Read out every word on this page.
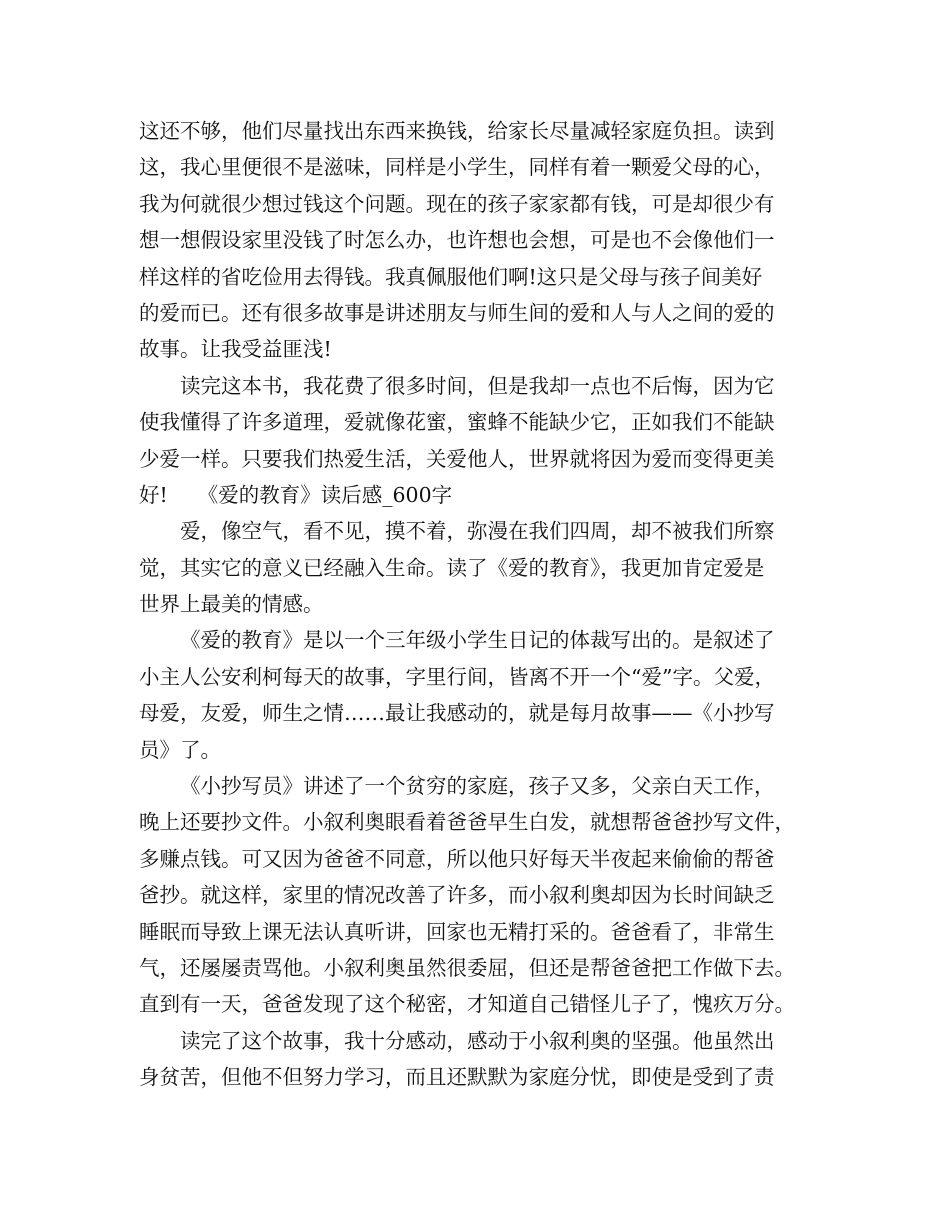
这还不够，他们尽量找出东西来换钱，给家长尽量减轻家庭负担。读到
这，我心里便很不是滋味，同样是小学生，同样有着一颗爱父母的心，
我为何就很少想过钱这个问题。现在的孩子家家都有钱，可是却很少有
想一想假设家里没钱了时怎么办，也许想也会想，可是也不会像他们一
样这样的省吃俭用去得钱。我真佩服他们啊!这只是父母与孩子间美好
的爱而已。还有很多故事是讲述朋友与师生间的爱和人与人之间的爱的
故事。让我受益匪浅!
读完这本书，我花费了很多时间，但是我却一点也不后悔，因为它
使我懂得了许多道理，爱就像花蜜，蜜蜂不能缺少它，正如我们不能缺
少爱一样。只要我们热爱生活，关爱他人，世界就将因为爱而变得更美
好! 《爱的教育》读后感_600字
爱，像空气，看不见，摸不着，弥漫在我们四周，却不被我们所察
觉，其实它的意义已经融入生命。读了《爱的教育》，我更加肯定爱是
世界上最美的情感。
《爱的教育》是以一个三年级小学生日记的体裁写出的。是叙述了
小主人公安利柯每天的故事，字里行间，皆离不开一个“爱”字。父爱，
母爱，友爱，师生之情……最让我感动的，就是每月故事——《小抄写
员》了。
《小抄写员》讲述了一个贫穷的家庭，孩子又多，父亲白天工作，
晚上还要抄文件。小叙利奥眼看着爸爸早生白发，就想帮爸爸抄写文件，
多赚点钱。可又因为爸爸不同意，所以他只好每天半夜起来偷偷的帮爸
爸抄。就这样，家里的情况改善了许多，而小叙利奥却因为长时间缺乏
睡眠而导致上课无法认真听讲，回家也无精打采的。爸爸看了，非常生
气，还屡屡责骂他。小叙利奥虽然很委屈，但还是帮爸爸把工作做下去。
直到有一天，爸爸发现了这个秘密，才知道自己错怪儿子了，愧疚万分。
读完了这个故事，我十分感动，感动于小叙利奥的坚强。他虽然出
身贫苦，但他不但努力学习，而且还默默为家庭分忧，即使是受到了责
